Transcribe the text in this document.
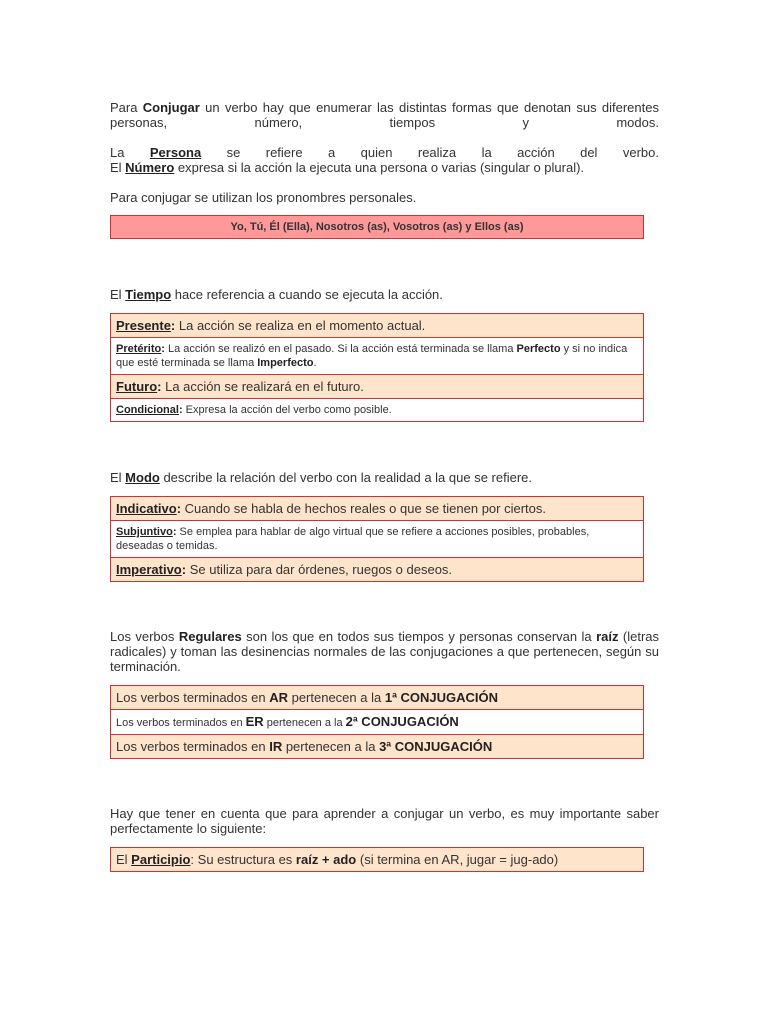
Para Conjugar un verbo hay que enumerar las distintas formas que denotan sus diferentes personas, número, tiempos y modos.

La Persona se refiere a quien realiza la acción del verbo.

El Número expresa si la acción la ejecuta una persona o varias (singular o plural).

Para conjugar se utilizan los pronombres personales.

Yo, Tú, Él (Ella), Nosotros (as), Vosotros (as) y Ellos (as)

El Tiempo hace referencia a cuando se ejecuta la acción.

Presente: La acción se realiza en el momento actual.
Pretérito: La acción se realizó en el pasado. Si la acción está terminada se llama Perfecto y si no indica que esté terminada se llama Imperfecto.
Futuro: La acción se realizará en el futuro.
Condicional: Expresa la acción del verbo como posible.

El Modo describe la relación del verbo con la realidad a la que se refiere.

Indicativo: Cuando se habla de hechos reales o que se tienen por ciertos.
Subjuntivo: Se emplea para hablar de algo virtual que se refiere a acciones posibles, probables, deseadas o temidas.
Imperativo: Se utiliza para dar órdenes, ruegos o deseos.

Los verbos Regulares son los que en todos sus tiempos y personas conservan la raíz (letras radicales) y toman las desinencias normales de las conjugaciones a que pertenecen, según su terminación.

Los verbos terminados en AR pertenecen a la 1ª CONJUGACIÓN
Los verbos terminados en ER pertenecen a la 2ª CONJUGACIÓN
Los verbos terminados en IR pertenecen a la 3ª CONJUGACIÓN

Hay que tener en cuenta que para aprender a conjugar un verbo, es muy importante saber perfectamente lo siguiente:

El Participio: Su estructura es raíz + ado (si termina en AR, jugar = jug-ado)
